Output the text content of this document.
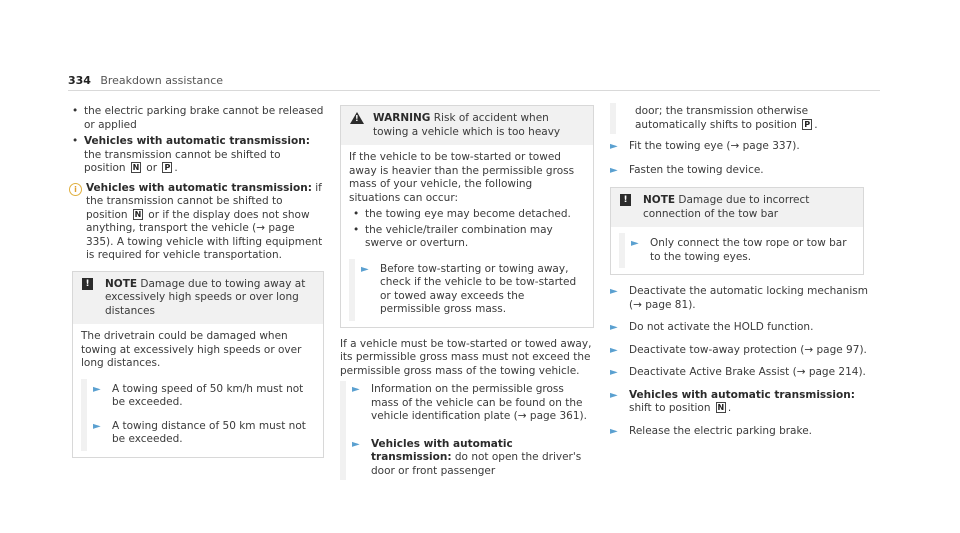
334 Breakdown assistance

• the electric parking brake cannot be released or applied

• Vehicles with automatic transmission: the transmission cannot be shifted to position N or P .

i Vehicles with automatic transmission: if the transmission cannot be shifted to position N or if the display does not show anything, transport the vehicle (→ page 335). A towing vehicle with lifting equipment is required for vehicle transportation.
!	NOTE Damage due to towing away at excessively high speeds or over long distances

The drivetrain could be damaged when towing at excessively high speeds or over long distances.

► A towing speed of 50 km/h must not be exceeded.

► A towing distance of 50 km must not be exceeded.

! WARNING Risk of accident when towing a vehicle which is too heavy

If the vehicle to be tow-started or towed away is heavier than the permissible gross mass of your vehicle, the following situations can occur:

• the towing eye may become detached.

• the vehicle/trailer combination may swerve or overturn.

► Before tow-starting or towing away, check if the vehicle to be tow-started or towed away exceeds the permissible gross mass.

If a vehicle must be tow-started or towed away, its permissible gross mass must not exceed the permissible gross mass of the towing vehicle.

► Information on the permissible gross mass of the vehicle can be found on the vehicle identification plate (→ page 361).

► Vehicles with automatic transmission: do not open the driver's door or front passenger

door; the transmission otherwise automatically shifts to position P .

► Fit the towing eye (→ page 337).

► Fasten the towing device.

!	NOTE Damage due to incorrect connection of the tow bar

► Only connect the tow rope or tow bar to the towing eyes.

► Deactivate the automatic locking mechanism (→ page 81).

► Do not activate the HOLD function.

► Deactivate tow-away protection (→ page 97).

► Deactivate Active Brake Assist (→ page 214).

► Vehicles with automatic transmission: shift to position N .

► Release the electric parking brake.
